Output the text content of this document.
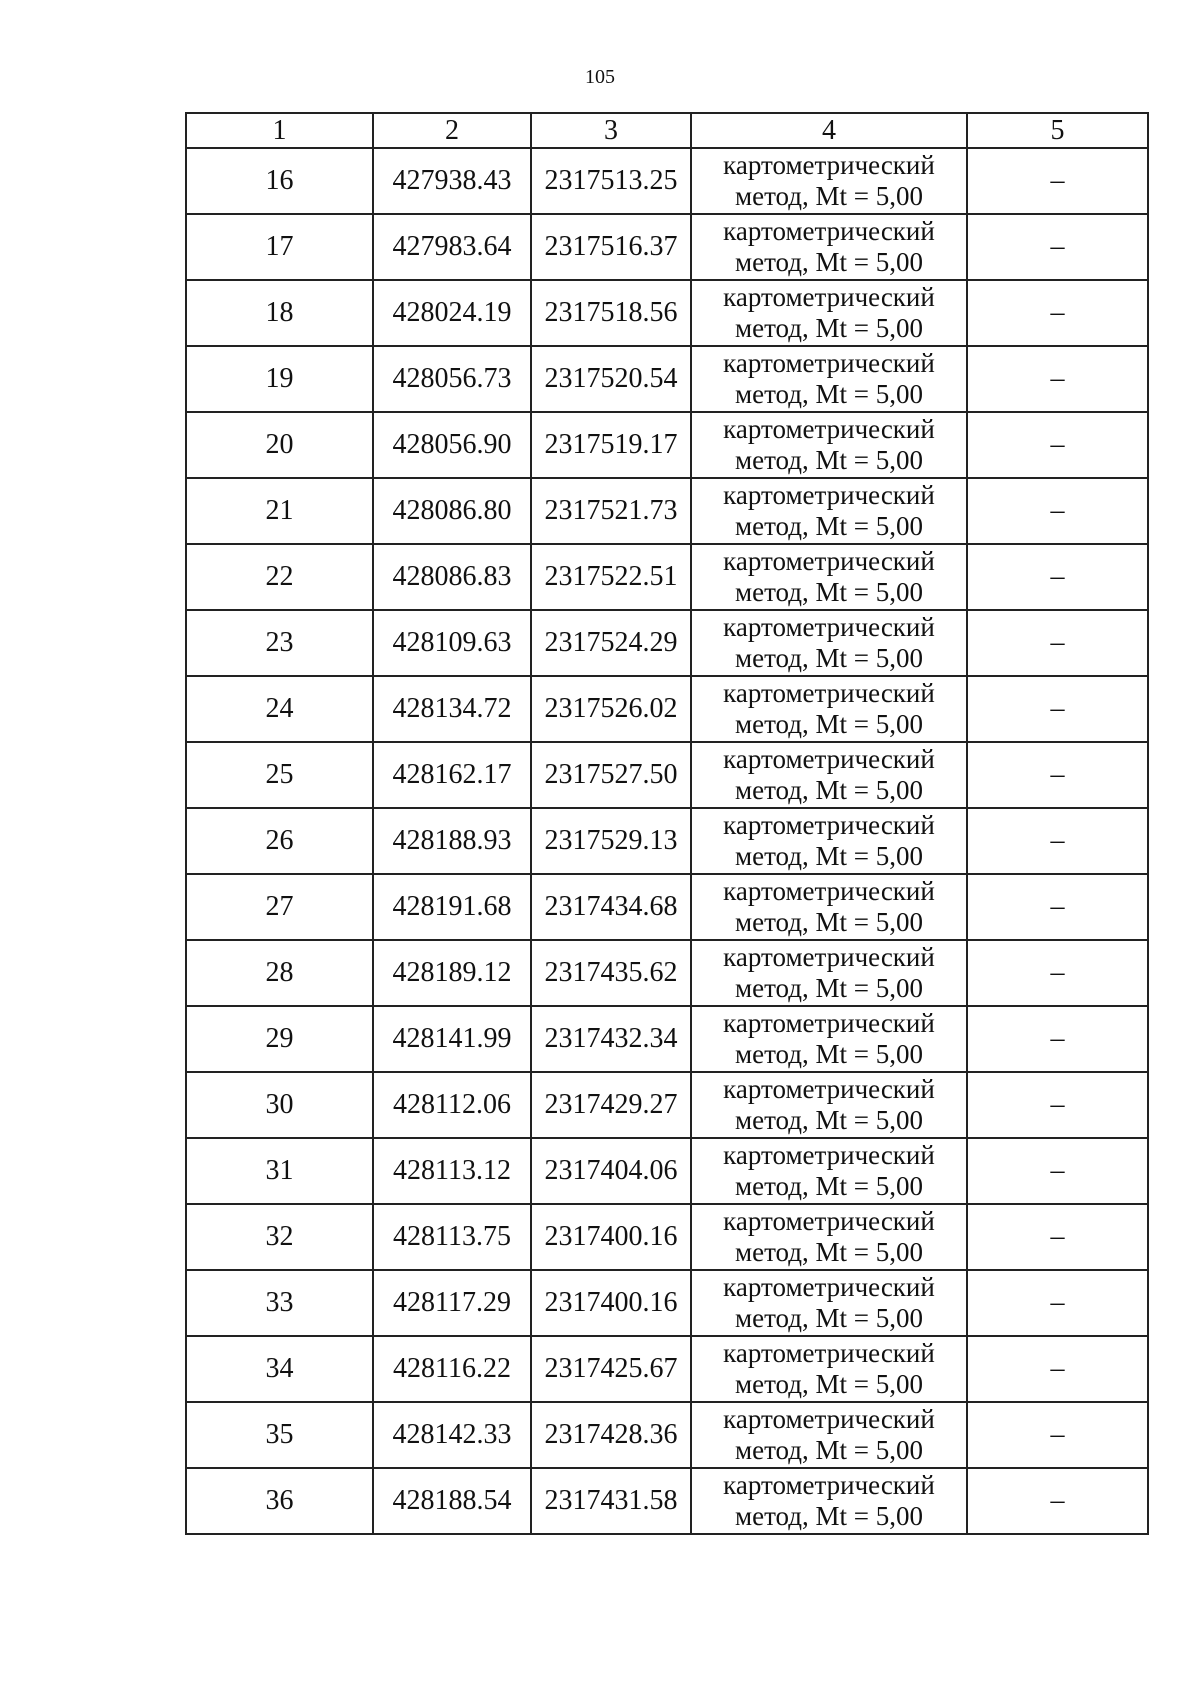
105
1	2	3	4	5
16	427938.43	2317513.25	картометрический
метод, Mt = 5,00	–
17	427983.64	2317516.37	картометрический
метод, Mt = 5,00	–
18	428024.19	2317518.56	картометрический
метод, Mt = 5,00	–
19	428056.73	2317520.54	картометрический
метод, Mt = 5,00	–
20	428056.90	2317519.17	картометрический
метод, Mt = 5,00	–
21	428086.80	2317521.73	картометрический
метод, Mt = 5,00	–
22	428086.83	2317522.51	картометрический
метод, Mt = 5,00	–
23	428109.63	2317524.29	картометрический
метод, Mt = 5,00	–
24	428134.72	2317526.02	картометрический
метод, Mt = 5,00	–
25	428162.17	2317527.50	картометрический
метод, Mt = 5,00	–
26	428188.93	2317529.13	картометрический
метод, Mt = 5,00	–
27	428191.68	2317434.68	картометрический
метод, Mt = 5,00	–
28	428189.12	2317435.62	картометрический
метод, Mt = 5,00	–
29	428141.99	2317432.34	картометрический
метод, Mt = 5,00	–
30	428112.06	2317429.27	картометрический
метод, Mt = 5,00	–
31	428113.12	2317404.06	картометрический
метод, Mt = 5,00	–
32	428113.75	2317400.16	картометрический
метод, Mt = 5,00	–
33	428117.29	2317400.16	картометрический
метод, Mt = 5,00	–
34	428116.22	2317425.67	картометрический
метод, Mt = 5,00	–
35	428142.33	2317428.36	картометрический
метод, Mt = 5,00	–
36	428188.54	2317431.58	картометрический
метод, Mt = 5,00	–
